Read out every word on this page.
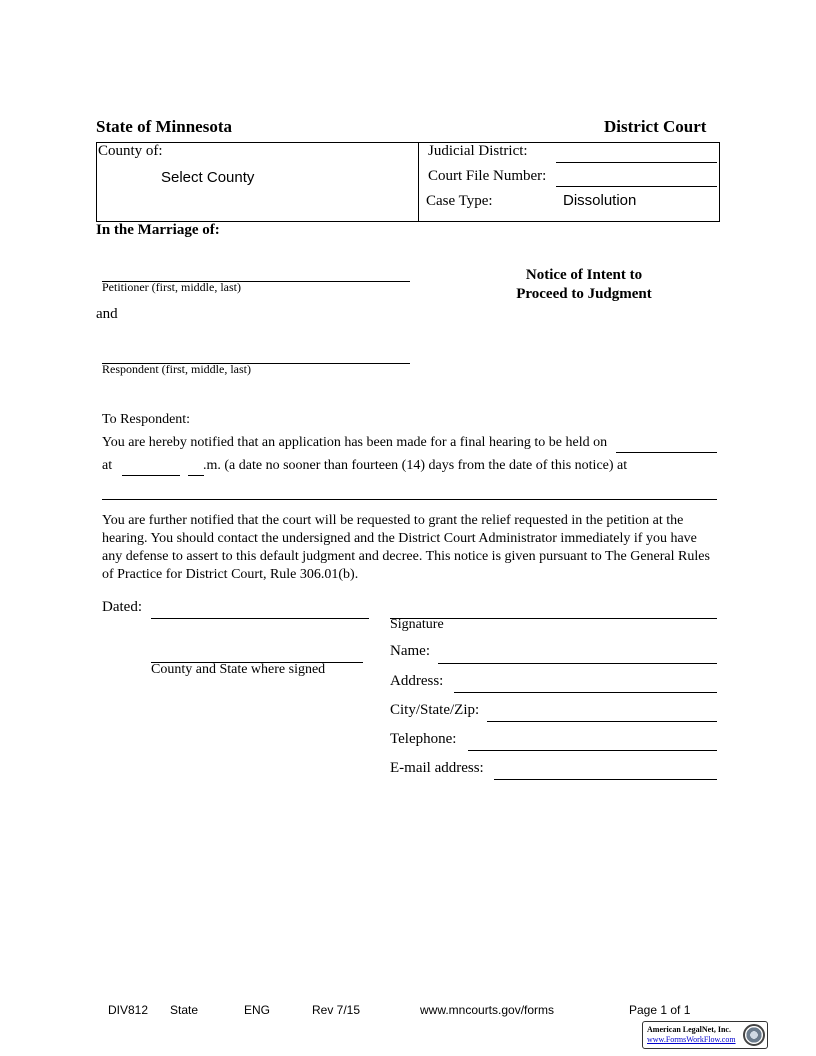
State of Minnesota	District Court
County of:
Select County
Judicial District:
Court File Number:
Case Type:	Dissolution
In the Marriage of:
Petitioner (first, middle, last)
and
Respondent (first, middle, last)
Notice of Intent to
Proceed to Judgment
To Respondent:
You are hereby notified that an application has been made for a final hearing to be held on
at	.m. (a date no sooner than fourteen (14) days from the date of this notice) at
You are further notified that the court will be requested to grant the relief requested in the petition at the hearing. You should contact the undersigned and the District Court Administrator immediately if you have any defense to assert to this default judgment and decree. This notice is given pursuant to The General Rules of Practice for District Court, Rule 306.01(b).
Dated:
County and State where signed
Signature
Name:
Address:
City/State/Zip:
Telephone:
E-mail address:
DIV812 State	ENG	Rev 7/15	www.mncourts.gov/forms	Page 1 of 1
American LegalNet, Inc.
www.FormsWorkFlow.com
